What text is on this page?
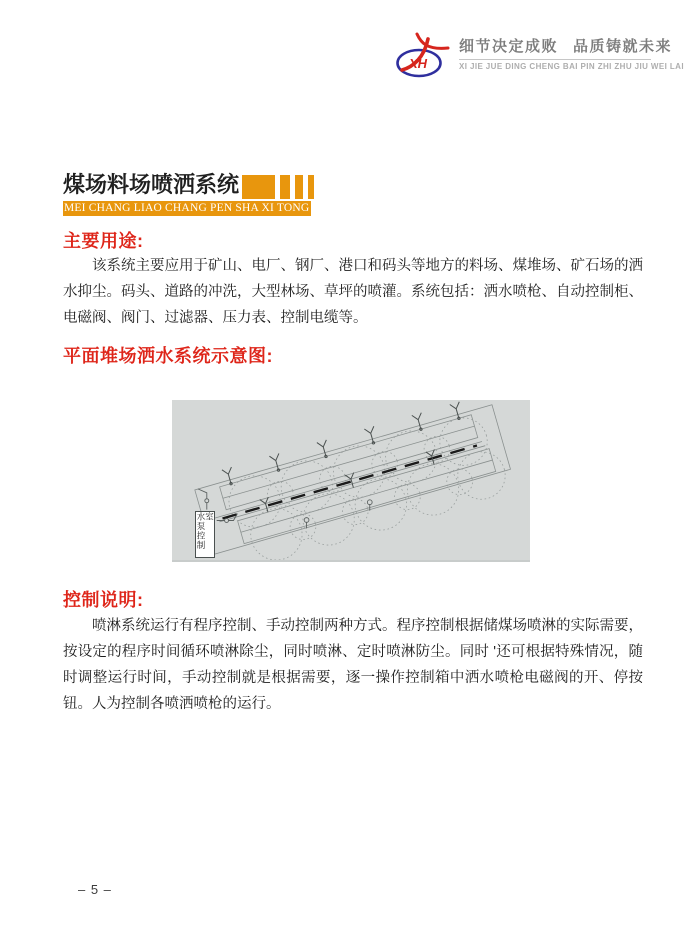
XH
细节决定成败 品质铸就未来
XI JIE JUE DING CHENG BAI PIN ZHI ZHU JIU WEI LAI
煤场料场喷洒系统
MEI CHANG LIAO CHANG PEN SHA XI TONG
主要用途:
该系统主要应用于矿山、电厂、钢厂、港口和码头等地方的料场、煤堆场、矿石场的洒水抑尘。码头、道路的冲洗，大型林场、草坪的喷灌。系统包括：洒水喷枪、自动控制柜、电磁阀、阀门、过滤器、压力表、控制电缆等。
平面堆场洒水系统示意图:
水泵控制室
控制说明:
喷淋系统运行有程序控制、手动控制两种方式。程序控制根据储煤场喷淋的实际需要，按设定的程序时间循环喷淋除尘，同时喷淋、定时喷淋防尘。同时 '还可根据特殊情况，随时调整运行时间，手动控制就是根据需要，逐一操作控制箱中洒水喷枪电磁阀的开、停按钮。人为控制各喷洒喷枪的运行。
– 5 –
